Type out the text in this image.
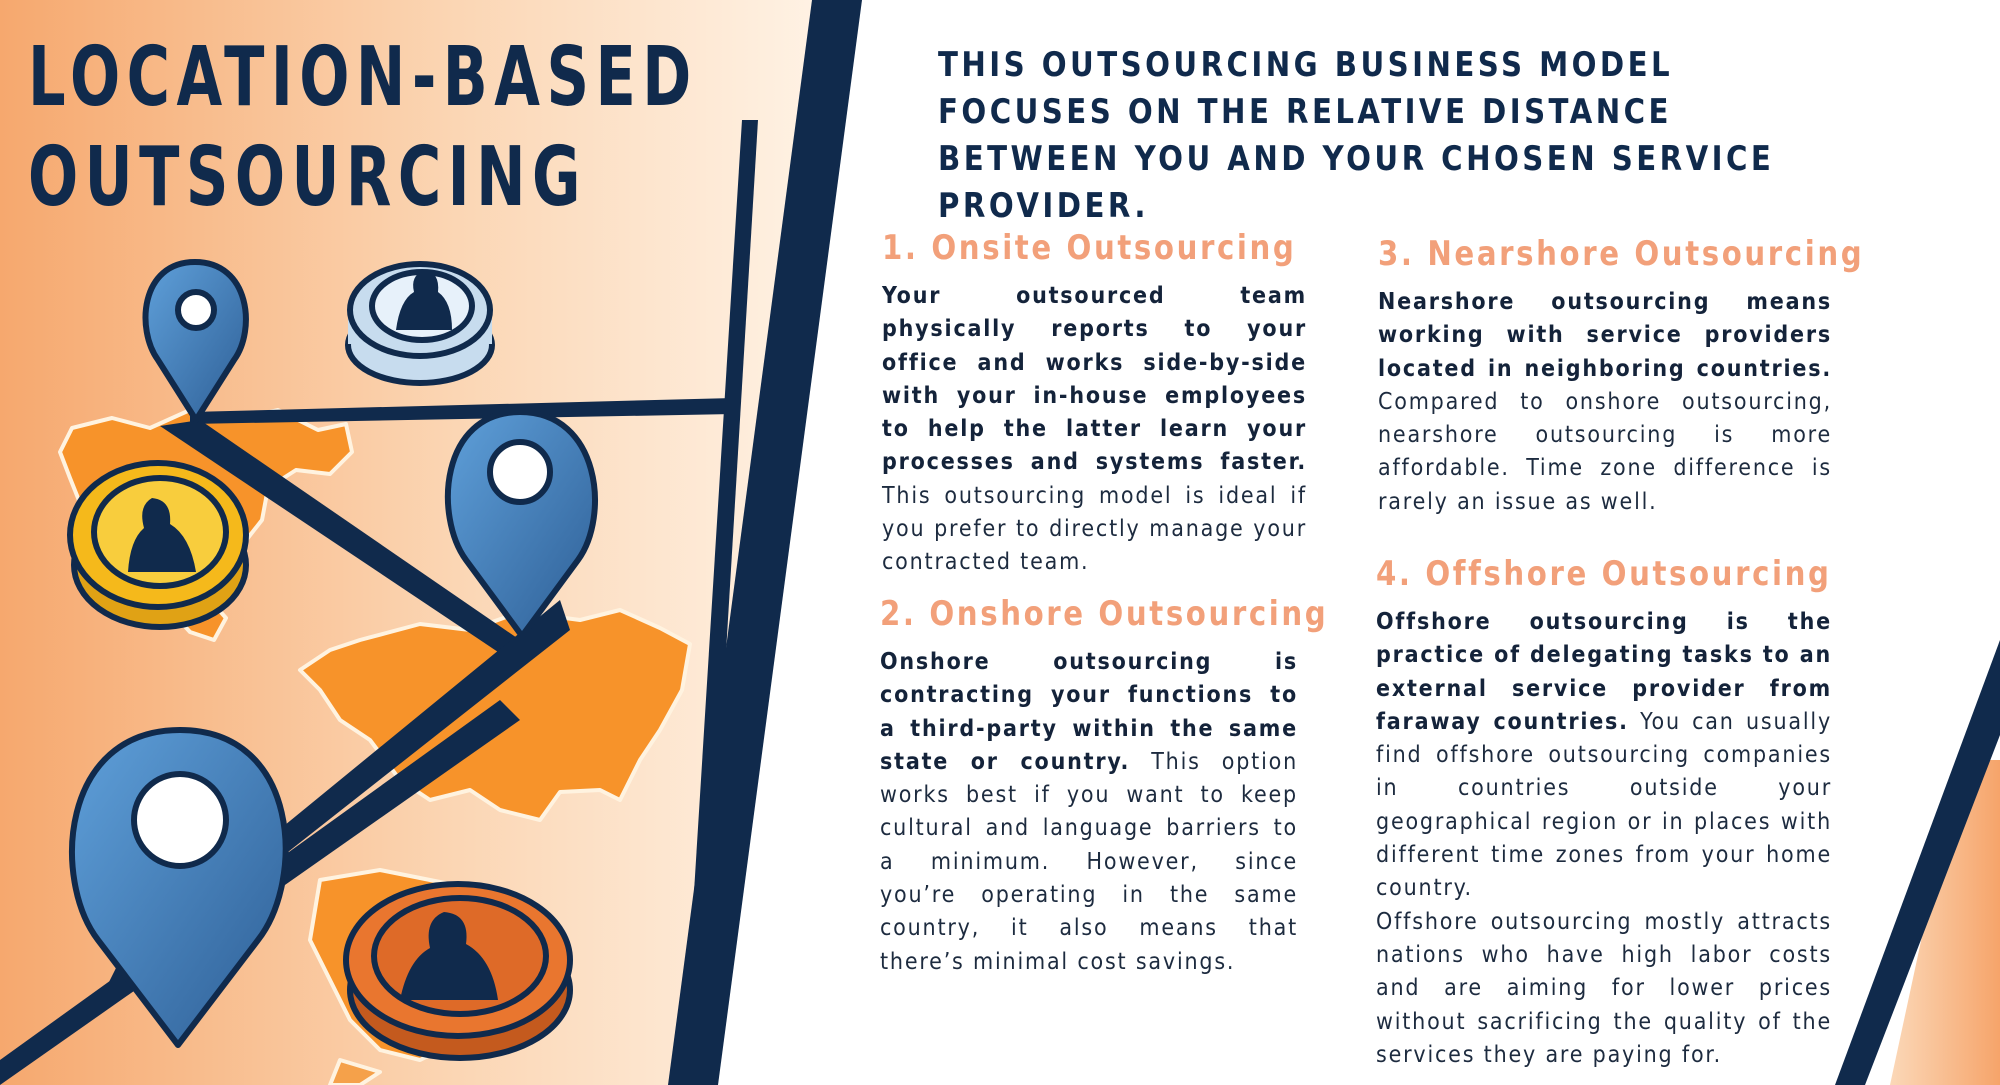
LOCATION-BASED
OUTSOURCING

THIS OUTSOURCING BUSINESS MODEL FOCUSES ON THE RELATIVE DISTANCE BETWEEN YOU AND YOUR CHOSEN SERVICE PROVIDER.

1. Onsite Outsourcing

Your outsourced team physically reports to your office and works side-by-side with your in-house employees to help the latter learn your processes and systems faster. This outsourcing model is ideal if you prefer to directly manage your contracted team.

2. Onshore Outsourcing

Onshore outsourcing is contracting your functions to a third-party within the same state or country. This option works best if you want to keep cultural and language barriers to a minimum. However, since you’re operating in the same country, it also means that there’s minimal cost savings.

3. Nearshore Outsourcing

Nearshore outsourcing means working with service providers located in neighboring countries. Compared to onshore outsourcing, nearshore outsourcing is more affordable. Time zone difference is rarely an issue as well.

4. Offshore Outsourcing

Offshore outsourcing is the practice of delegating tasks to an external service provider from faraway countries. You can usually find offshore outsourcing companies in countries outside your geographical region or in places with different time zones from your home country.

Offshore outsourcing mostly attracts nations who have high labor costs and are aiming for lower prices without sacrificing the quality of the services they are paying for.
